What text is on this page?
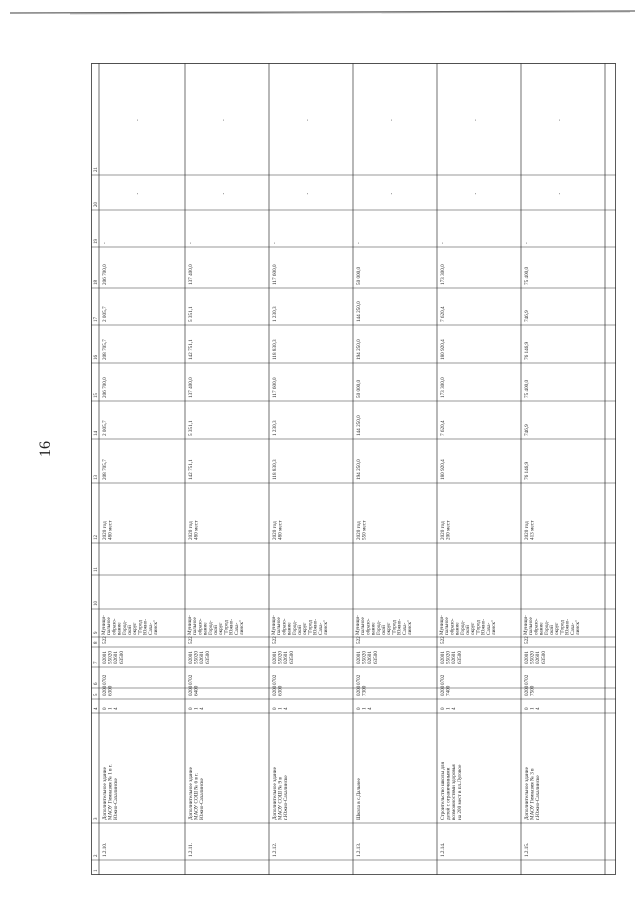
16
1
2
3
4
5
6
7
8
9
10
11
12
13
14
15
16
17
18
19
20
21
1.2.10.
Дополнительное здание МАОУ Гимназия № 1 в г. Южно-Сахалинске
0 1 4
0200 6300
0702
02001 55020 02601 63500
522
Муници- пальное образо- вание Город- ской округ "Город Южно- Саха- линск"
2020 год 480 мест
208 705,7
2 005,7
206 700,0
208 705,7
2 005,7
206 700,0
-
-
-
1.2.11.
Дополнительное здание МАОУ СОШ № 6 в г. Южно-Сахалинске
0 1 4
0200 6400
0702
02001 55020 02601 63500
522
Муници- пальное образо- вание Город- ской округ "Город Южно- Саха- линск"
2020 год 480 мест
142 751,1
5 351,1
137 400,0
142 751,1
5 351,1
137 400,0
-
-
-
1.2.12.
Дополнительное здание МАОУ СОШ № 9 в г.Южно-Сахалинске
0 1 4
0200 6300
0702
02001 55020 02601 63500
522
Муници- пальное образо- вание Город- ской округ "Город Южно- Саха- линск"
2020 год 480 мест
118 830,3
1 230,3
117 600,0
118 830,3
1 230,3
117 600,0
-
-
-
1.2.13.
Школа в с.Дальнее
0 1 4
0200 7300
0702
02001 55020 02601 63500
522
Муници- пальное образо- вание Город- ской округ "Город Южно- Саха- линск"
2020 год 550 мест
194 250,0
144 250,0
50 000,0
194 250,0
144 250,0
50 000,0
-
-
-
1.2.14.
Строительство школы для детей с ограниченными возможностями здоровья на 200 мест в пл.Луговое
0 1 4
0200 7400
0702
02001 55020 02601 63500
522
Муници- пальное образо- вание Город- ской округ "Город Южно- Саха- линск"
2020 год 200 мест
180 920,4
7 620,4
173 300,0
180 920,4
7 620,4
173 300,0
-
-
-
1.2.15.
Дополнительное здание МАОУ Гимназия № 3 в г.Южно-Сахалинске
0 1 4
0200 7500
0702
02001 55020 02601 63500
522
Муници- пальное образо- вание Город- ской округ "Город Южно- Саха- линск"
2020 год 413 мест
76 146,9
746,9
75 400,0
76 146,9
746,9
75 400,0
-
-
-
